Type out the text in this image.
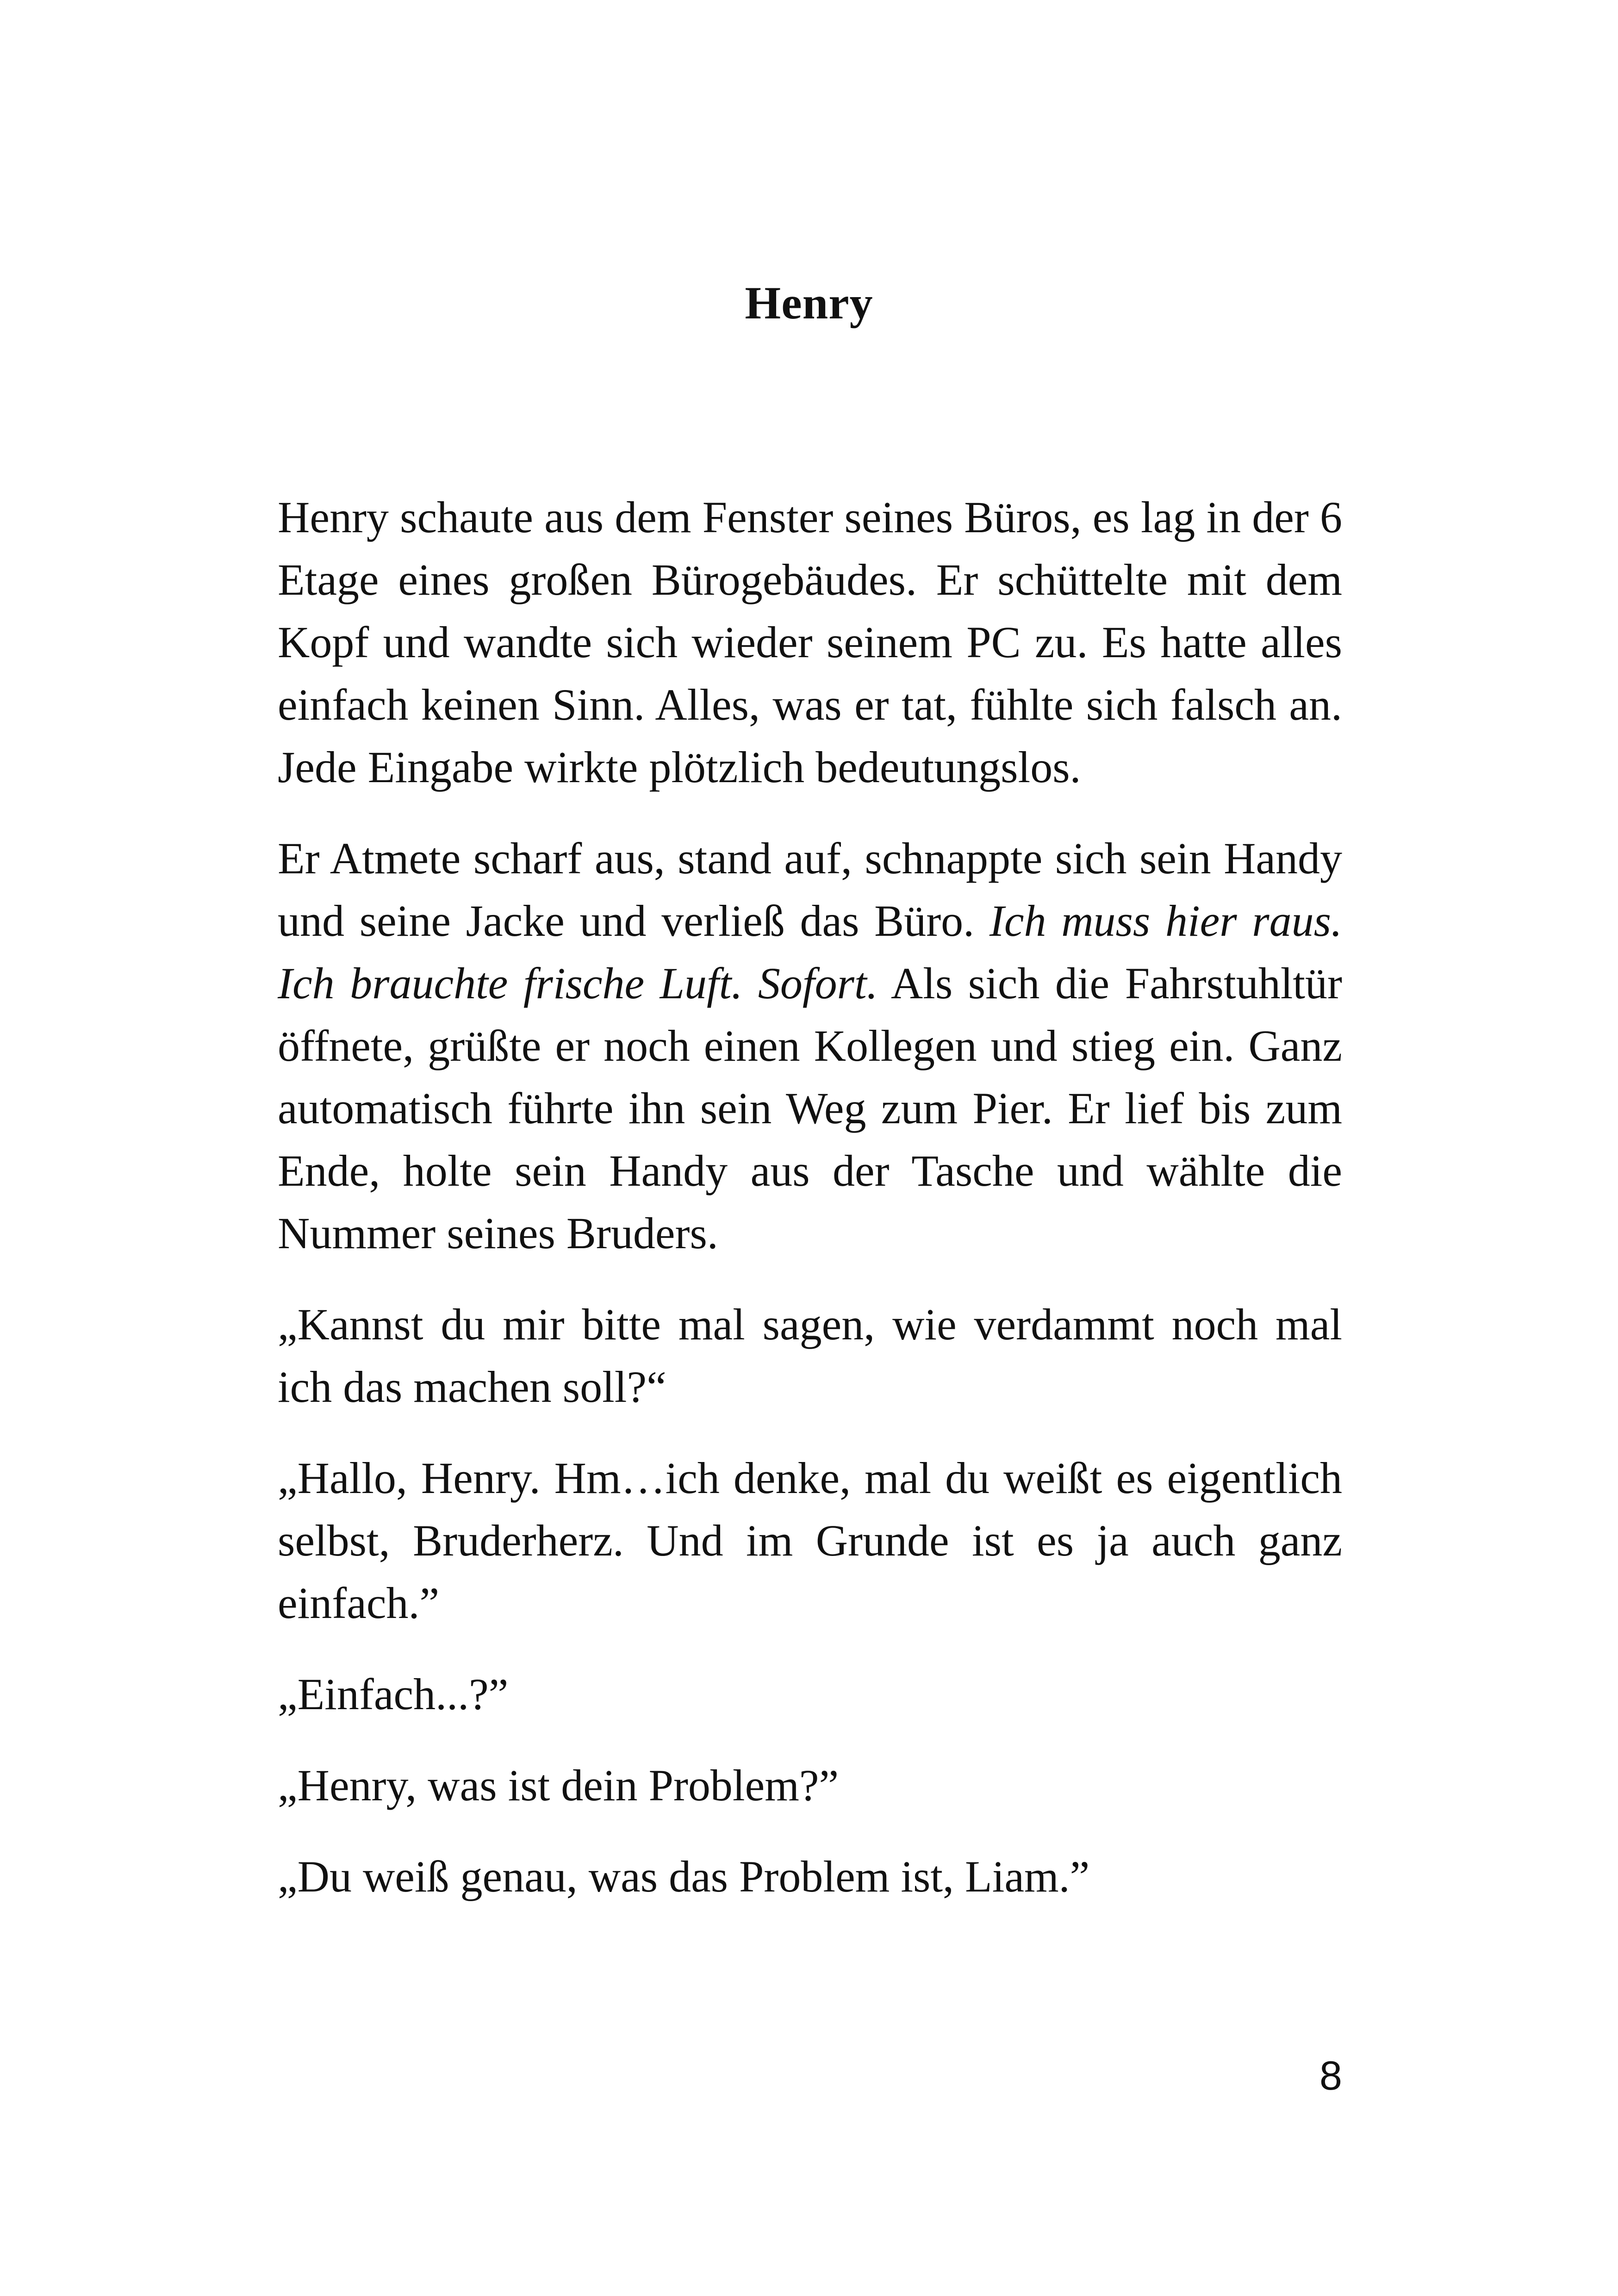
Henry

Henry schaute aus dem Fenster seines Büros, es lag in der 6 Etage eines großen Bürogebäudes. Er schüttelte mit dem Kopf und wandte sich wieder seinem PC zu. Es hatte alles einfach keinen Sinn. Alles, was er tat, fühlte sich falsch an. Jede Eingabe wirkte plötzlich bedeutungslos.

Er Atmete scharf aus, stand auf, schnappte sich sein Handy und seine Jacke und verließ das Büro. Ich muss hier raus. Ich brauchte frische Luft. Sofort. Als sich die Fahrstuhltür öffnete, grüßte er noch einen Kollegen und stieg ein. Ganz automatisch führte ihn sein Weg zum Pier. Er lief bis zum Ende, holte sein Handy aus der Tasche und wählte die Nummer seines Bruders.

„Kannst du mir bitte mal sagen, wie verdammt noch mal ich das machen soll?“

„Hallo, Henry. Hm…ich denke, mal du weißt es eigentlich selbst, Bruderherz. Und im Grunde ist es ja auch ganz einfach.”

„Einfach...?”

„Henry, was ist dein Problem?”

„Du weiß genau, was das Problem ist, Liam.”

8
